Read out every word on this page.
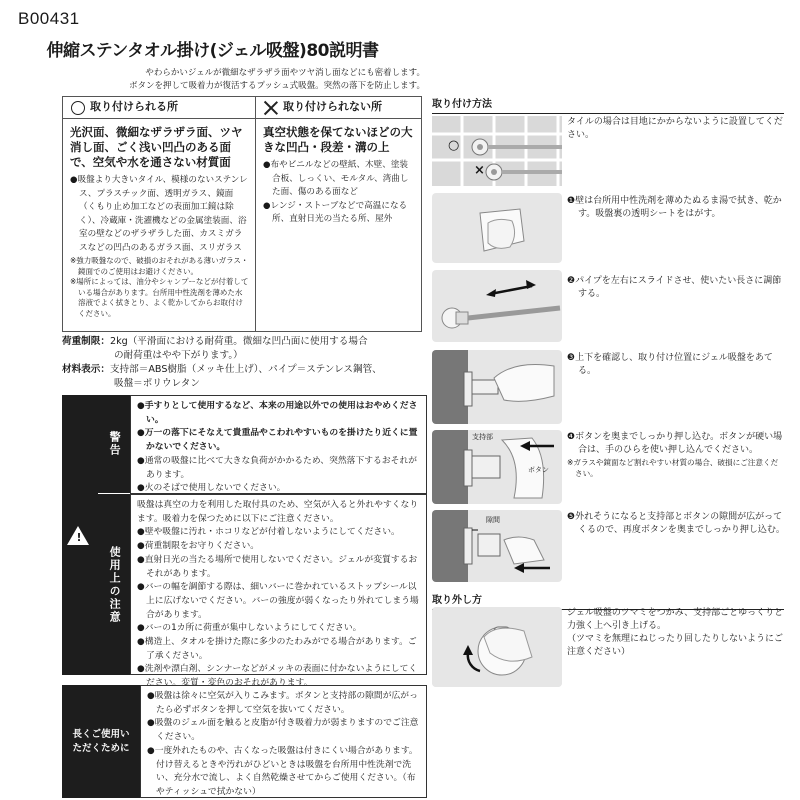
B00431
伸縮ステンタオル掛け(ジェル吸盤)80説明書
やわらかいジェルが微細なザラザラ面やツヤ消し面などにも密着します。
ボタンを押して吸着力が復活するプッシュ式吸盤。突然の落下を防止します。
取り付けられる所
光沢面、微細なザラザラ面、ツヤ消し面、ごく浅い凹凸のある面で、空気や水を通さない材質面
●吸盤より大きいタイル、模様のないステンレス、プラスチック面、透明ガラス、鏡面（くもり止め加工などの表面加工鏡は除く）、冷蔵庫・洗濯機などの金属塗装面、浴室の壁などのザラザラした面、カスミガラスなどの凹凸のあるガラス面、スリガラス
※強力吸盤なので、破損のおそれがある薄いガラス・鏡面でのご使用はお避けください。
※場所によっては、油分やシャンプーなどが付着している場合があります。台所用中性洗剤を薄めた水溶液でよく拭きとり、よく乾かしてからお取付けください。
取り付けられない所
真空状態を保てないほどの大きな凹凸・段差・溝の上
●布やビニルなどの壁紙、木壁、塗装合板、しっくい、モルタル、湾曲した面、傷のある面など
●レンジ・ストーブなどで高温になる所、直射日光の当たる所、屋外
荷重制限：2kg（平滑面における耐荷重。微細な凹凸面に使用する場合
の耐荷重はやや下がります。）
材料表示：支持部＝ABS樹脂（メッキ仕上げ）、パイプ＝ステンレス鋼管、
吸盤＝ポリウレタン
!
警告
使用上の注意
●手すりとして使用するなど、本来の用途以外での使用はおやめください。
●万一の落下にそなえて貴重品やこわれやすいものを掛けたり近くに置かないでください。
●通常の吸盤に比べて大きな負荷がかかるため、突然落下するおそれがあります。
●火のそばで使用しないでください。
吸盤は真空の力を利用した取付具のため、空気が入ると外れやすくなります。吸着力を保つために以下にご注意ください。
●壁や吸盤に汚れ・ホコリなどが付着しないようにしてください。
●荷重制限をお守りください。
●直射日光の当たる場所で使用しないでください。ジェルが変質するおそれがあります。
●バーの幅を調節する際は、細いバーに巻かれているストップシール以上に広げないでください。バーの強度が弱くなったり外れてしまう場合があります。
●バーの1カ所に荷重が集中しないようにしてください。
●構造上、タオルを掛けた際に多少のたわみがでる場合があります。ご了承ください。
●洗剤や漂白剤、シンナーなどがメッキの表面に付かないようにしてください。変質・変色のおそれがあります。
長くご使用いただくために
●吸盤は徐々に空気が入りこみます。ボタンと支持部の隙間が広がったら必ずボタンを押して空気を抜いてください。
●吸盤のジェル面を触ると皮脂が付き吸着力が弱まりますのでご注意ください。
●一度外れたものや、古くなった吸盤は付きにくい場合があります。付け替えるときや汚れがひどいときは吸盤を台所用中性洗剤で洗い、充分水で流し、よく自然乾燥させてからご使用ください。（布やティッシュで拭かない）
取り付け方法
○
×
タイルの場合は目地にかからないように設置してください。
❶壁は台所用中性洗剤を薄めたぬるま湯で拭き、乾かす。吸盤裏の透明シートをはがす。
❷パイプを左右にスライドさせ、使いたい長さに調節する。
❸上下を確認し、取り付け位置にジェル吸盤をあてる。
支持部
ボタン
❹ボタンを奥までしっかり押し込む。ボタンが硬い場合は、手のひらを使い押し込んでください。
※ガラスや鏡面など割れやすい材質の場合、破損にご注意ください。
隙間	❺外れそうになると支持部とボタンの隙間が広がってくるので、再度ボタンを奥までしっかり押し込む。
取り外し方
ジェル吸盤のツマミをつかみ、支持部ごとゆっくりと力強く上へ引き上げる。
（ツマミを無理にねじったり回したりしないようにご注意ください）
